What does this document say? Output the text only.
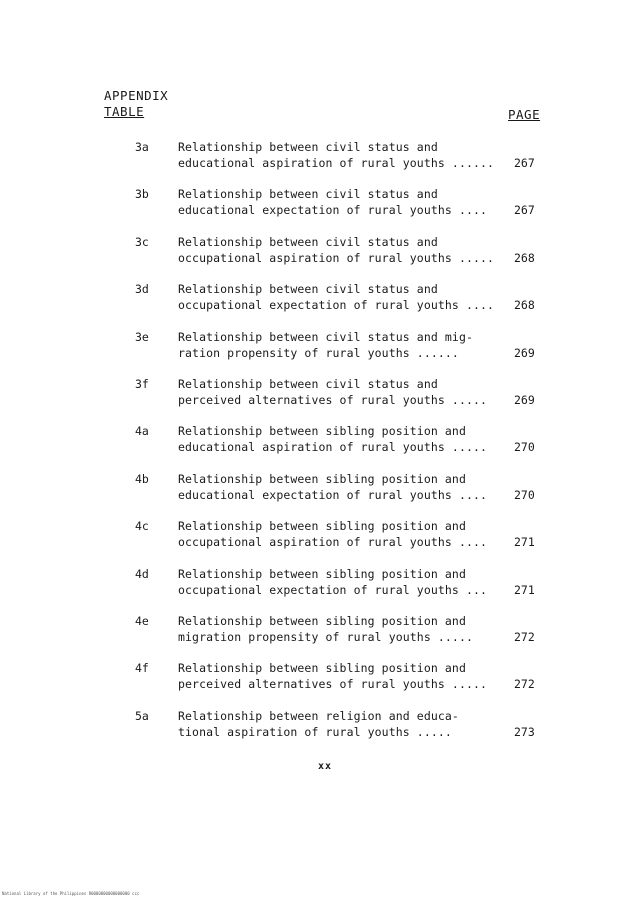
APPENDIX
TABLE	PAGE
3a	Relationship between civil status and
educational aspiration of rural youths ...... 267
3b	Relationship between civil status and
educational expectation of rural youths .... 267
3c	Relationship between civil status and
occupational aspiration of rural youths ..... 268
3d	Relationship between civil status and
occupational expectation of rural youths .... 268
3e	Relationship between civil status and mig-
ration propensity of rural youths ......	269
3f	Relationship between civil status and
perceived alternatives of rural youths ..... 269
4a	Relationship between sibling position and
educational aspiration of rural youths ..... 270
4b	Relationship between sibling position and
educational expectation of rural youths .... 270
4c	Relationship between sibling position and
occupational aspiration of rural youths .... 271
4d	Relationship between sibling position and
occupational expectation of rural youths ... 271
4e	Relationship between sibling position and
migration propensity of rural youths .....	272
4f	Relationship between sibling position and
perceived alternatives of rural youths ..... 272
5a	Relationship between religion and educa-
tional aspiration of rural youths .....	273
xx
National Library of the Philippines R0000000000000000 ccc
